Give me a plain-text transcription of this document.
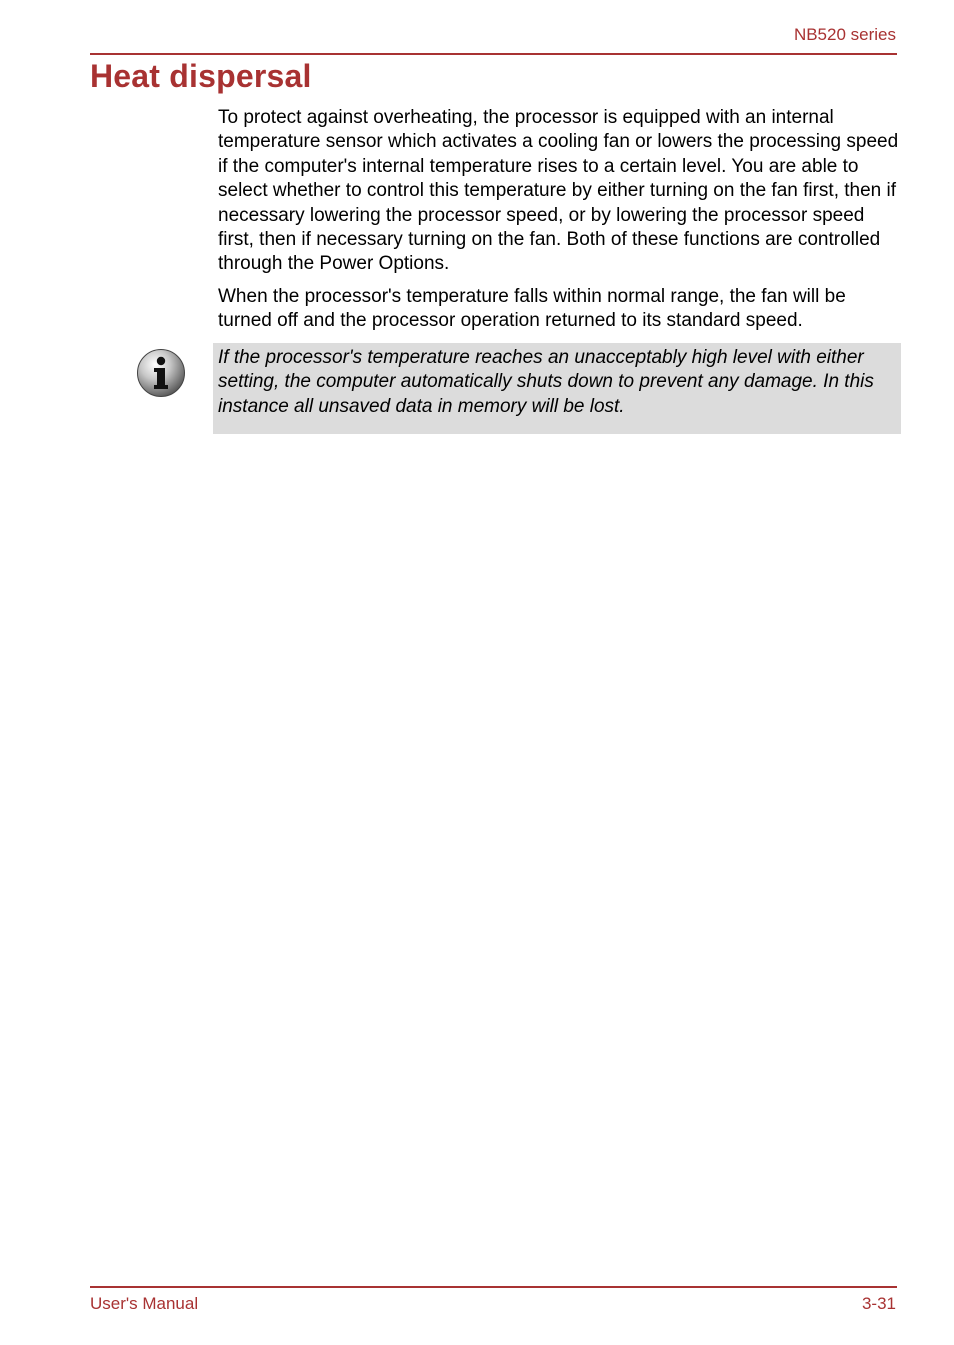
NB520 series
Heat dispersal

To protect against overheating, the processor is equipped with an internal temperature sensor which activates a cooling fan or lowers the processing speed if the computer's internal temperature rises to a certain level. You are able to select whether to control this temperature by either turning on the fan first, then if necessary lowering the processor speed, or by lowering the processor speed first, then if necessary turning on the fan. Both of these functions are controlled through the Power Options.

When the processor's temperature falls within normal range, the fan will be turned off and the processor operation returned to its standard speed.

If the processor's temperature reaches an unacceptably high level with either setting, the computer automatically shuts down to prevent any damage. In this instance all unsaved data in memory will be lost.

User's Manual	3-31
